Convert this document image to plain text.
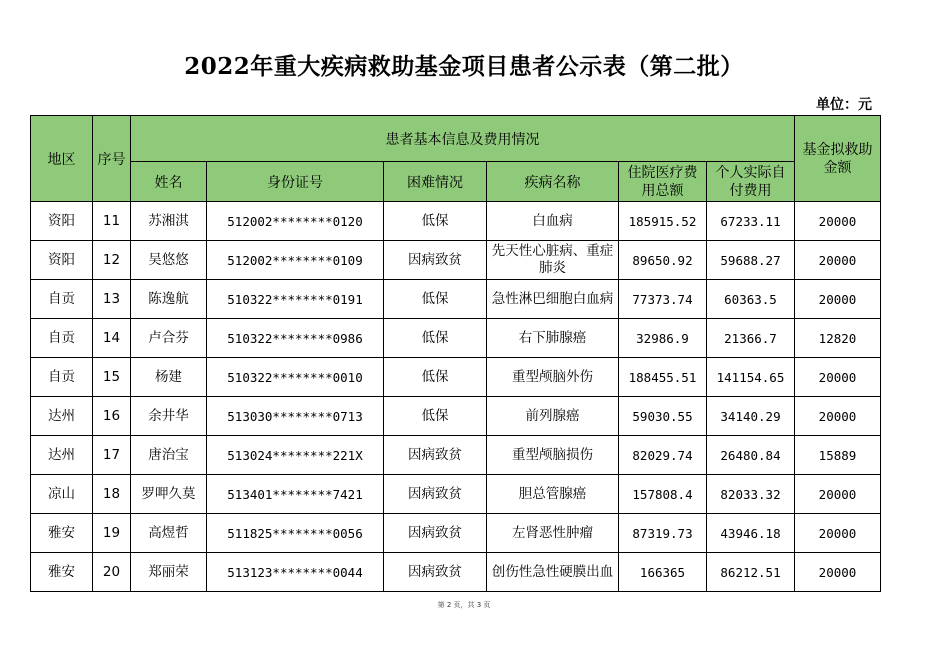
2022年重大疾病救助基金项目患者公示表（第二批）
单位：元
地区	序号	患者基本信息及费用情况						基金拟救助金额
		姓名	身份证号	困难情况	疾病名称	住院医疗费用总额	个人实际自付费用	
资阳	11	苏湘淇	512002********0120	低保	白血病	185915.52	67233.11	20000
资阳	12	吴悠悠	512002********0109	因病致贫	先天性心脏病、重症肺炎	89650.92	59688.27	20000
自贡	13	陈逸航	510322********0191	低保	急性淋巴细胞白血病	77373.74	60363.5	20000
自贡	14	卢合芬	510322********0986	低保	右下肺腺癌	32986.9	21366.7	12820
自贡	15	杨建	510322********0010	低保	重型颅脑外伤	188455.51	141154.65	20000
达州	16	余井华	513030********0713	低保	前列腺癌	59030.55	34140.29	20000
达州	17	唐治宝	513024********221X	因病致贫	重型颅脑损伤	82029.74	26480.84	15889
凉山	18	罗呷久莫	513401********7421	因病致贫	胆总管腺癌	157808.4	82033.32	20000
雅安	19	高煜哲	511825********0056	因病致贫	左肾恶性肿瘤	87319.73	43946.18	20000
雅安	20	郑丽荣	513123********0044	因病致贫	创伤性急性硬膜出血	166365	86212.51	20000
第 2 页，共 3 页
